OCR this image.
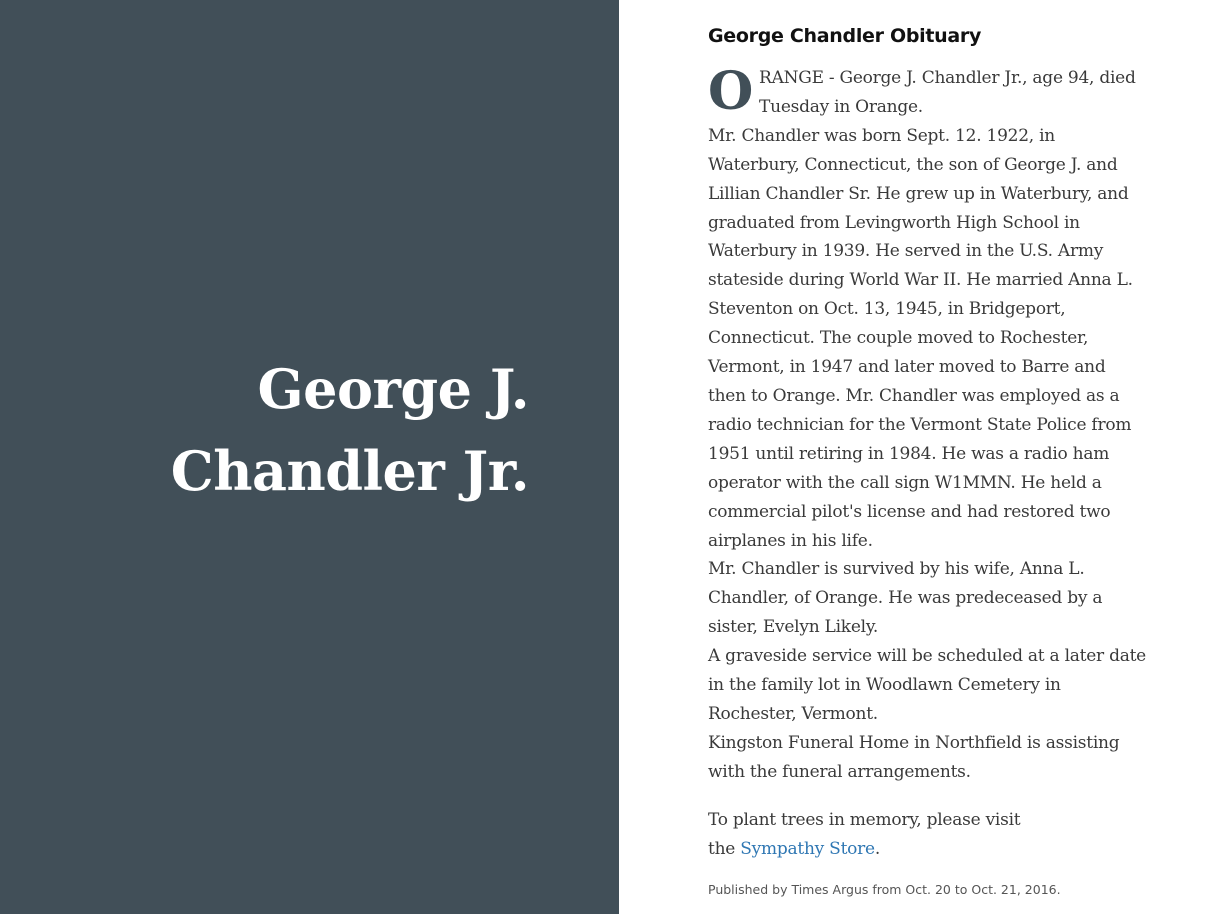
George J. Chandler Jr.
George Chandler Obituary

ORANGE - George J. Chandler Jr., age 94, died Tuesday in Orange.

Mr. Chandler was born Sept. 12. 1922, in Waterbury, Connecticut, the son of George J. and Lillian Chandler Sr. He grew up in Waterbury, and graduated from Levingworth High School in Waterbury in 1939. He served in the U.S. Army stateside during World War II. He married Anna L. Steventon on Oct. 13, 1945, in Bridgeport, Connecticut. The couple moved to Rochester, Vermont, in 1947 and later moved to Barre and then to Orange. Mr. Chandler was employed as a radio technician for the Vermont State Police from 1951 until retiring in 1984. He was a radio ham operator with the call sign W1MMN. He held a commercial pilot's license and had restored two airplanes in his life.

Mr. Chandler is survived by his wife, Anna L. Chandler, of Orange. He was predeceased by a sister, Evelyn Likely.

A graveside service will be scheduled at a later date in the family lot in Woodlawn Cemetery in Rochester, Vermont.

Kingston Funeral Home in Northfield is assisting with the funeral arrangements.

To plant trees in memory, please visit the Sympathy Store.
Published by Times Argus from Oct. 20 to Oct. 21, 2016.
